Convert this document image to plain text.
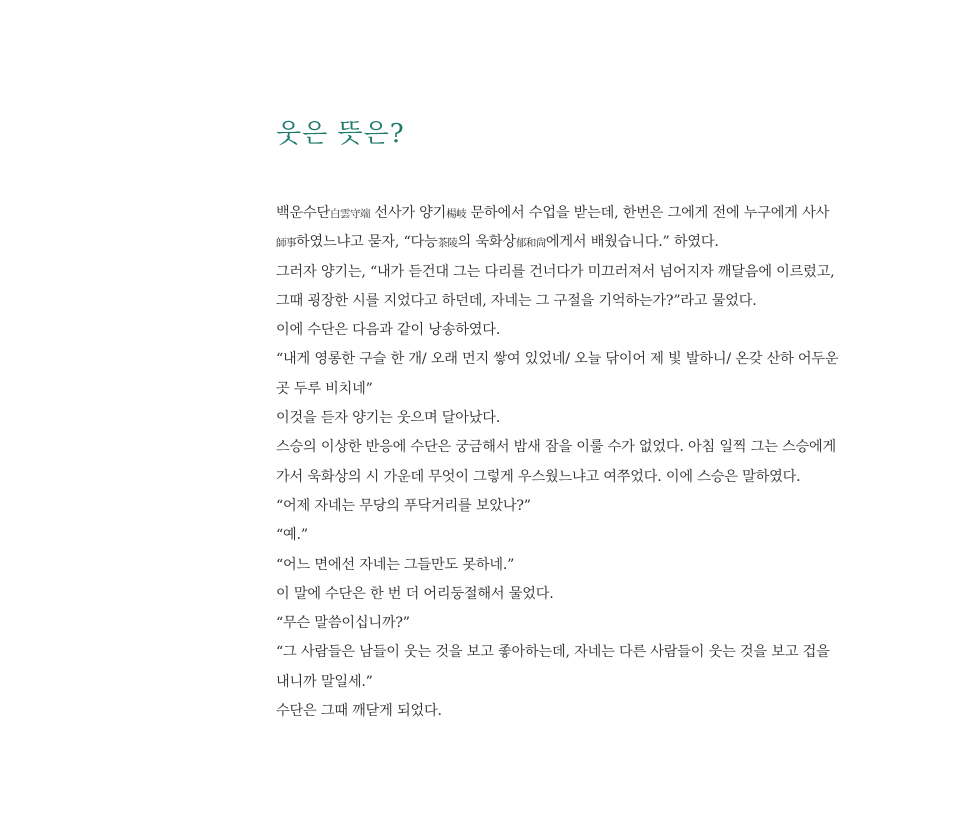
웃은 뜻은?
백운수단白雲守端 선사가 양기楊岐 문하에서 수업을 받는데, 한번은 그에게 전에 누구에게 사사
師事하였느냐고 묻자, “다능茶陵의 욱화상郁和尙에게서 배웠습니다.” 하였다.
그러자 양기는, “내가 듣건대 그는 다리를 건너다가 미끄러져서 넘어지자 깨달음에 이르렀고,
그때 굉장한 시를 지었다고 하던데, 자네는 그 구절을 기억하는가?”라고 물었다.
이에 수단은 다음과 같이 낭송하였다.
“내게 영롱한 구슬 한 개/ 오래 먼지 쌓여 있었네/ 오늘 닦이어 제 빛 발하니/ 온갖 산하 어두운
곳 두루 비치네”
이것을 듣자 양기는 웃으며 달아났다.
스승의 이상한 반응에 수단은 궁금해서 밤새 잠을 이룰 수가 없었다. 아침 일찍 그는 스승에게
가서 욱화상의 시 가운데 무엇이 그렇게 우스웠느냐고 여쭈었다. 이에 스승은 말하였다.
“어제 자네는 무당의 푸닥거리를 보았나?”
“예.”
“어느 면에선 자네는 그들만도 못하네.”
이 말에 수단은 한 번 더 어리둥절해서 물었다.
“무슨 말씀이십니까?”
“그 사람들은 남들이 웃는 것을 보고 좋아하는데, 자네는 다른 사람들이 웃는 것을 보고 겁을
내니까 말일세.”
수단은 그때 깨닫게 되었다.
